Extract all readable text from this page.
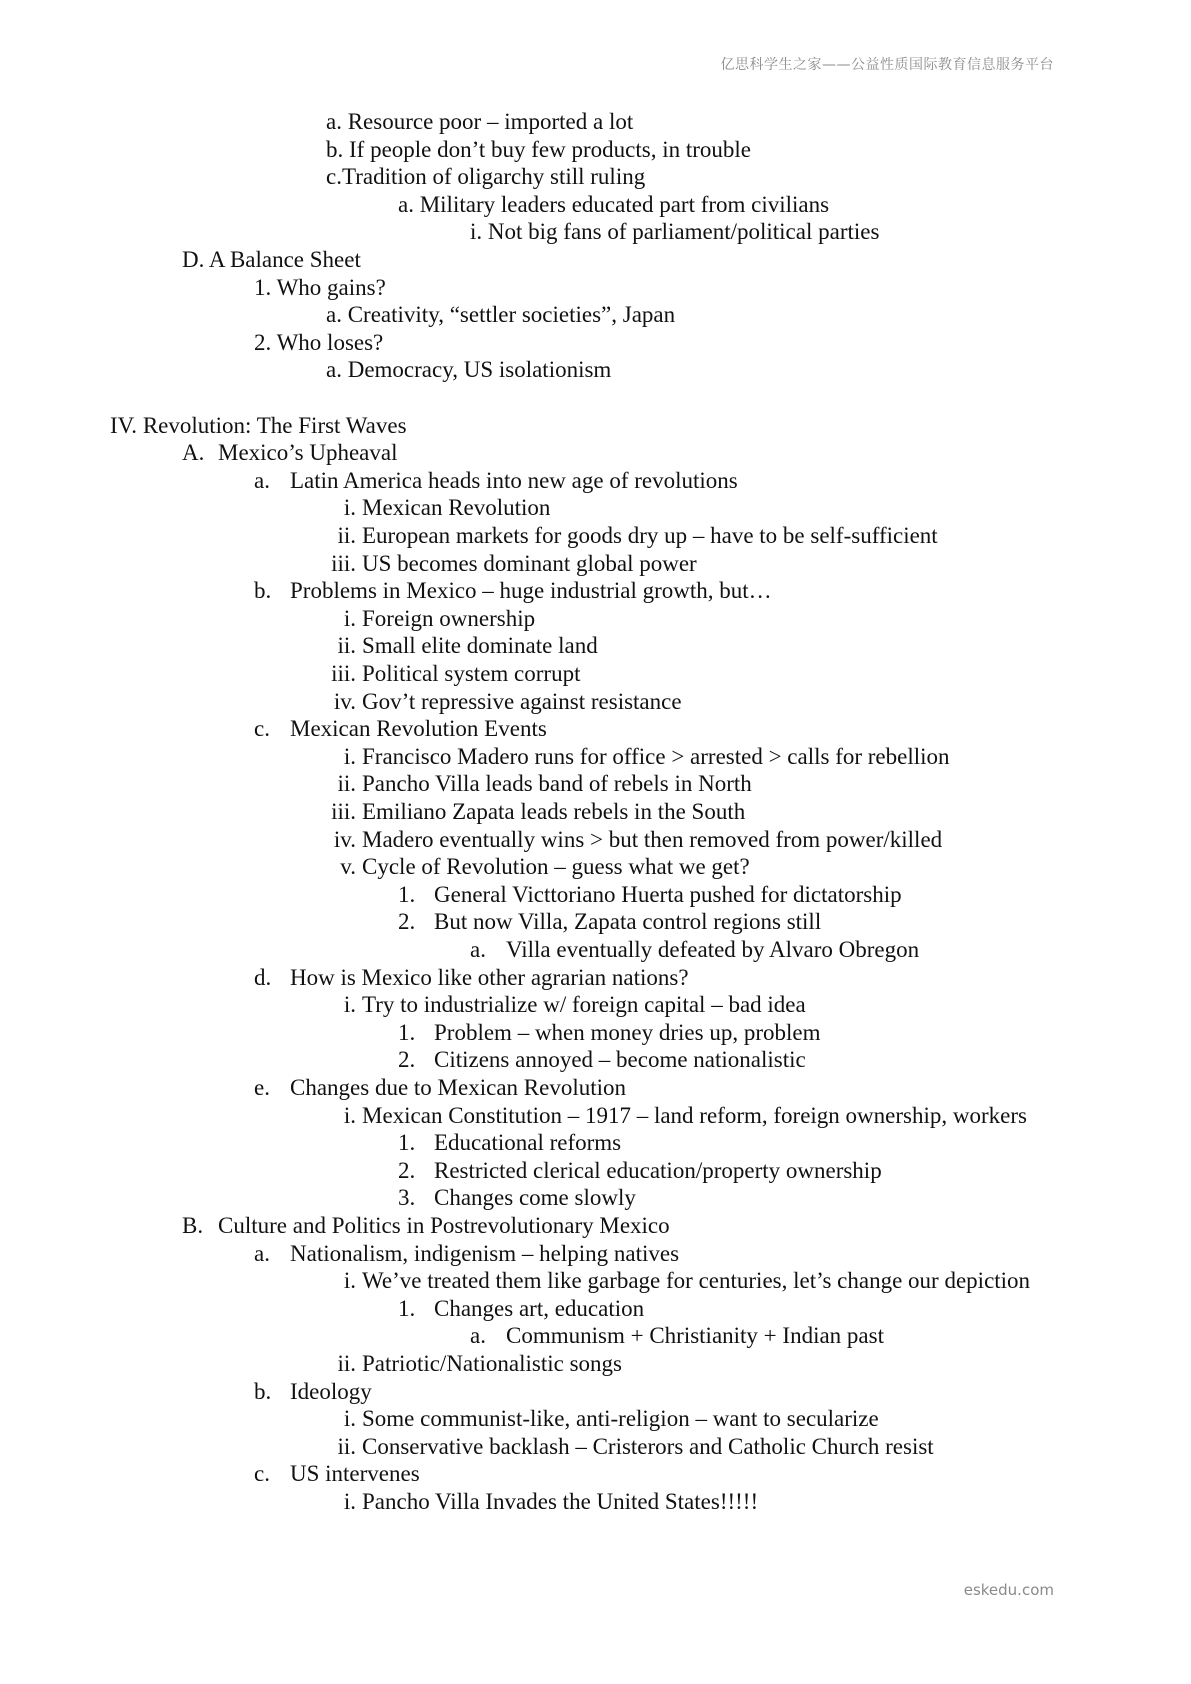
亿思科学生之家——公益性质国际教育信息服务平台
a. Resource poor – imported a lot
b. If people don’t buy few products, in trouble
c.Tradition of oligarchy still ruling
a. Military leaders educated part from civilians
i. Not big fans of parliament/political parties
D. A Balance Sheet
1. Who gains?
a. Creativity, “settler societies”, Japan
2. Who loses?
a. Democracy, US isolationism
IV. Revolution: The First Waves
A. Mexico’s Upheaval
a. Latin America heads into new age of revolutions
i. Mexican Revolution
ii. European markets for goods dry up – have to be self-sufficient
iii. US becomes dominant global power
b. Problems in Mexico – huge industrial growth, but…
i. Foreign ownership
ii. Small elite dominate land
iii. Political system corrupt
iv. Gov’t repressive against resistance
c. Mexican Revolution Events
i. Francisco Madero runs for office > arrested > calls for rebellion
ii. Pancho Villa leads band of rebels in North
iii. Emiliano Zapata leads rebels in the South
iv. Madero eventually wins > but then removed from power/killed
v. Cycle of Revolution – guess what we get?
1. General Victtoriano Huerta pushed for dictatorship
2. But now Villa, Zapata control regions still
a. Villa eventually defeated by Alvaro Obregon
d. How is Mexico like other agrarian nations?
i. Try to industrialize w/ foreign capital – bad idea
1. Problem – when money dries up, problem
2. Citizens annoyed – become nationalistic
e. Changes due to Mexican Revolution
i. Mexican Constitution – 1917 – land reform, foreign ownership, workers
1. Educational reforms
2. Restricted clerical education/property ownership
3. Changes come slowly
B. Culture and Politics in Postrevolutionary Mexico
a. Nationalism, indigenism – helping natives
i. We’ve treated them like garbage for centuries, let’s change our depiction
1. Changes art, education
a. Communism + Christianity + Indian past
ii. Patriotic/Nationalistic songs
b. Ideology
i. Some communist-like, anti-religion – want to secularize
ii. Conservative backlash – Cristerors and Catholic Church resist
c. US intervenes
i. Pancho Villa Invades the United States!!!!!
eskedu.com
